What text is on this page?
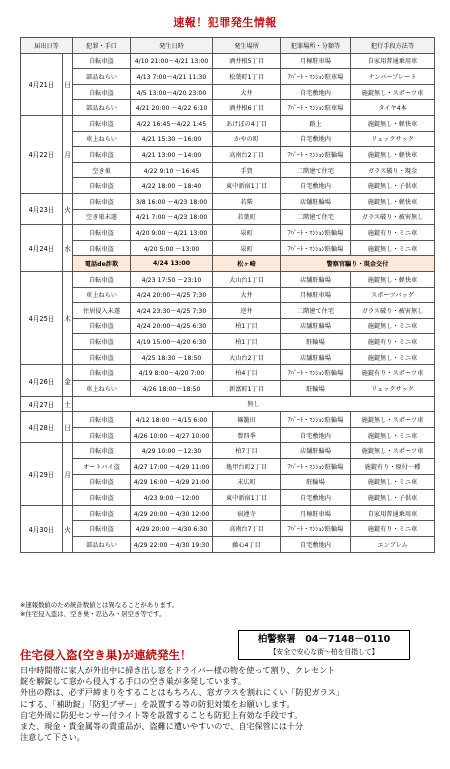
速報！犯罪発生情報
届出日等		犯罪・手口	発生日時	発生場所	犯罪場所・分類等	犯行手段方法等
4月21日	日	自転車盗	4/10 21:00～4/21 13:00	酒井根5丁目	月極駐車場	自家用普通乗用車
		部品ねらい	4/13 7:00～4/21 11:30	松葉町1丁目	ｱﾊﾟｰﾄ・ﾏﾝｼｮﾝ駐車場	ナンバープレート
		自転車盗	4/5 13:00～4/20 23:00	大井	自宅敷地内	施錠無し・スポーツ車
		部品ねらい	4/21 20:00 ～4/22 6:10	酒井根6丁目	ｱﾊﾟｰﾄ・ﾏﾝｼｮﾝ駐車場	タイヤ4本
4月22日	月	自転車盗	4/22 16:45～4/22 1:45	あけぼの4丁目	路上	施錠無し・軽快車
		車上ねらい	4/21 15:30 ～16:00	かやの町	自宅敷地内	リュックサック
		自転車盗	4/21 13:00 ～14:00	高南台2丁目	ｱﾊﾟｰﾄ・ﾏﾝｼｮﾝ駐輪場	施錠無し・軽快車
		空き巣	4/22 9:10 ～16:45	手賀	二階建て住宅	ガラス破り・現金
		自転車盗	4/22 18:00 ～18:40	東中新宿1丁目	自宅敷地内	施錠無し・子供車
4月23日	火	自転車盗	3/8 16:00 ～4/23 18:00	若柴	店舗駐輪場	施錠無し・軽快車
		空き巣未遂	4/21 7:00 ～4/23 18:00	若葉町	二階建て住宅	ガラス破り・被害無し
4月24日	水	自転車盗	4/20 9:00 ～4/21 13:00	泉町	ｱﾊﾟｰﾄ・ﾏﾝｼｮﾝ駐輪場	施錠有り・ミニ車
		自転車盗	4/20 5:00 ～13:00	泉町	ｱﾊﾟｰﾄ・ﾏﾝｼｮﾝ駐輪場	施錠無し・ミニ車
		電話de詐欺	4/24 13:00	松ヶ崎	警察官騙り・現金交付	
4月25日	木	自転車盗	4/23 17:50 ～23:10	大山台1丁目	店舗駐輪場	施錠無し・軽快車
		車上ねらい	4/24 20:00～4/25 7:30	大井	月極駐車場	スポーツバッグ
		住居侵入未遂	4/24 23:30～4/25 7:30	逆井	二階建て住宅	ガラス破り・被害無し
		自転車盗	4/24 20:00～4/25 6:30	柏1丁目	店舗駐輪場	施錠無し・ミニ車
		自転車盗	4/19 15:00～4/20 6:30	柏1丁目	駐輪場	施錠有り・ミニ車
		自転車盗	4/25 18:30 ～18:50	大山台2丁目	店舗駐輪場	施錠無し・ミニ車
4月26日	金	自転車盗	4/19 8:00～4/20 7:00	柏4丁目	ｱﾊﾟｰﾄ・ﾏﾝｼｮﾝ駐輪場	施錠有り・スポーツ車
		車上ねらい	4/26 18:00～18:50	新富町1丁目	駐輪場	リュックサック
4月27日	土	無し				
4月28日	日	自転車盗	4/12 18:00 ～4/15 6:00	篠籠田	ｱﾊﾟｰﾄ・ﾏﾝｼｮﾝ駐輪場	施錠無し・スポーツ車
		自転車盗	4/26 10:00 ～4/27 10:00	豊四季	自宅敷地内	施錠無し・ミニ車
4月29日	月	自転車盗	4/29 10:00 ～12:30	柏7丁目	店舗駐輪場	施錠無し・スポーツ車
		オートバイ盗	4/27 17:00 ～4/29 11:00	亀甲台町2丁目	ｱﾊﾟｰﾄ・ﾏﾝｼｮﾝ駐輪場	施錠有り・原付一種
		自転車盗	4/29 16:00 ～4/29 21:00	末広町	駐輪場	施錠無し・ミニ車
		自転車盗	4/23 9:00 ～12:00	東中新宿1丁目	自宅敷地内	施錠無し・子供車
4月30日	火	自転車盗	4/29 20:00 ～4/30 12:00	宿連寺	月極駐車場	自家用普通乗用車
		自転車盗	4/29 20:00 ～4/30 6:30	高南台7丁目	ｱﾊﾟｰﾄ・ﾏﾝｼｮﾝ駐輪場	施錠有り・ミニ車
		部品ねらい	4/29 22:00 ～4/30 19:30	藤心4丁目	自宅敷地内	エンブレム
※速報数値のため統計数値とは異なることがあります。
※住宅侵入盗は、空き巣・忍込み・居空き等です。
柏警察署　04－7148－0110
【安全で安心な街～柏を目指して】
住宅侵入盗(空き巣)が連続発生！
日中時間帯に家人が外出中に掃き出し窓をドライバー様の物を使って割り、クレセント
錠を解錠して窓から侵入する手口の空き巣が多発しています。
外出の際は、必ず戸締まりをすることはもちろん、窓ガラスを割れにくい「防犯ガラス」
にする、「補助錠」「防犯ブザー」を設置する等の防犯対策をお願いします。
自宅外周に防犯センサー付ライト等を設置することも防犯上有効な手段です。
また、現金・貴金属等の貴重品が、盗難に遭いやすいので、自宅保管には十分
注意して下さい。
